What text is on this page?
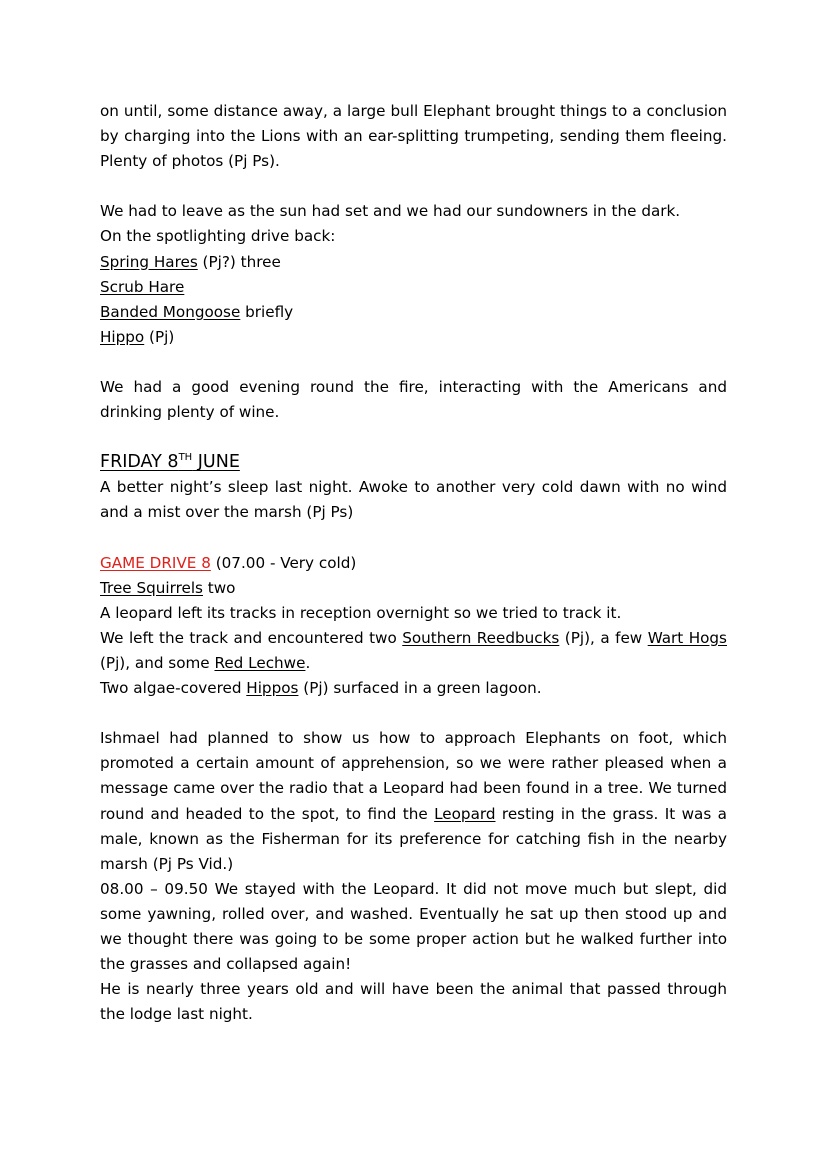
on until, some distance away, a large bull Elephant brought things to a conclusion by charging into the Lions with an ear-splitting trumpeting, sending them fleeing. Plenty of photos (Pj Ps).

We had to leave as the sun had set and we had our sundowners in the dark.
On the spotlighting drive back:
Spring Hares (Pj?) three
Scrub Hare
Banded Mongoose briefly
Hippo (Pj)

We had a good evening round the fire, interacting with the Americans and drinking plenty of wine.

FRIDAY 8TH JUNE

A better night’s sleep last night. Awoke to another very cold dawn with no wind and a mist over the marsh (Pj Ps)

GAME DRIVE 8 (07.00 - Very cold)
Tree Squirrels two
A leopard left its tracks in reception overnight so we tried to track it.

We left the track and encountered two Southern Reedbucks (Pj), a few Wart Hogs (Pj), and some Red Lechwe.

Two algae-covered Hippos (Pj) surfaced in a green lagoon.

Ishmael had planned to show us how to approach Elephants on foot, which promoted a certain amount of apprehension, so we were rather pleased when a message came over the radio that a Leopard had been found in a tree. We turned round and headed to the spot, to find the Leopard resting in the grass. It was a male, known as the Fisherman for its preference for catching fish in the nearby marsh (Pj Ps Vid.)

08.00 – 09.50 We stayed with the Leopard. It did not move much but slept, did some yawning, rolled over, and washed. Eventually he sat up then stood up and we thought there was going to be some proper action but he walked further into the grasses and collapsed again!

He is nearly three years old and will have been the animal that passed through the lodge last night.
